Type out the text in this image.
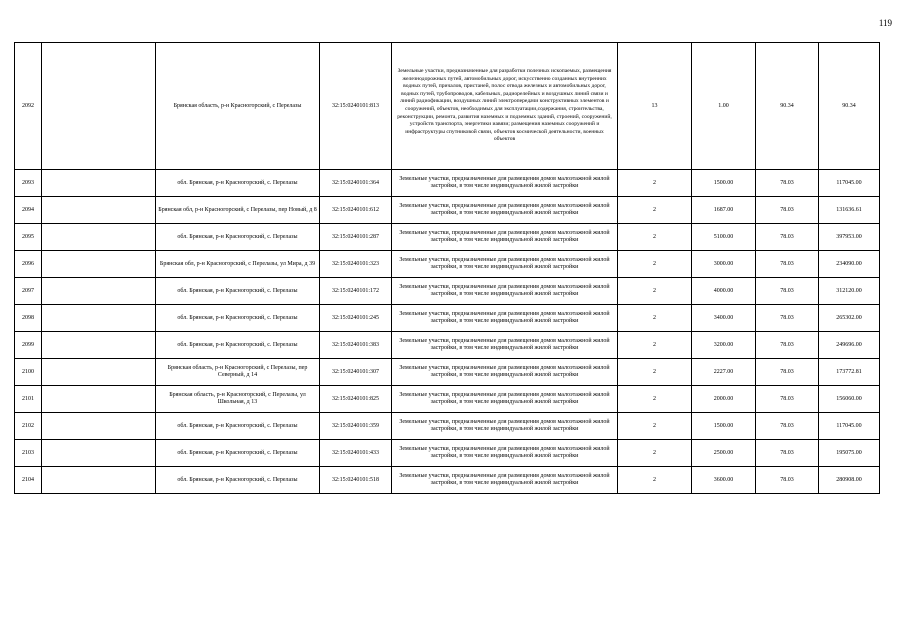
119
2092		Брянская область, р-н Красногорский, с Перелазы	32:15:0240101:813	Земельные участки, предназначенные для разработки полезных ископаемых, размещения железнодорожных путей, автомобильных дорог, искусственно созданных внутренних водных путей, причалов, пристаней, полос отвода железных и автомобильных дорог, водных путей, трубопроводов, кабельных, радиорелейных и воздушных линий связи и линий радиофикации, воздушных линий электропередачи конструктивных элементов и сооружений, объектов, необходимых для эксплуатации,содержания, строительства, реконструкции, ремонта, развития наземных и подземных зданий, строений, сооружений, устройств транспорта, энергетики иавязи; размещения наземных сооружений и инфраструктуры спутниковой связи, объектов космической деятельности, военных объектов	13	1.00	90.34	90.34
2093		обл. Брянская, р-н Красногорский, с. Перелазы	32:15:0240101:364	Земельные участки, предназначенные для размещения домов малоэтажной жилой застройки, в том числе индивидуальной жилой застройки	2	1500.00	78.03	117045.00
2094		Брянская обл, р-н Красногорский, с Перелазы, пер Новый, д 8	32:15:0240101:612	Земельные участки, предназначенные для размещения домов малоэтажной жилой застройки, в том числе индивидуальной жилой застройки	2	1687.00	78.03	131636.61
2095		обл. Брянская, р-н Красногорский, с. Перелазы	32:15:0240101:287	Земельные участки, предназначенные для размещения домов малоэтажной жилой застройки, в том числе индивидуальной жилой застройки	2	5100.00	78.03	397953.00
2096		Брянская обл, р-н Красногорский, с Перелазы, ул Мира, д 39	32:15:0240101:323	Земельные участки, предназначенные для размещения домов малоэтажной жилой застройки, в том числе индивидуальной жилой застройки	2	3000.00	78.03	234090.00
2097		обл. Брянская, р-н Красногорский, с. Перелазы	32:15:0240101:172	Земельные участки, предназначенные для размещения домов малоэтажной жилой застройки, в том числе индивидуальной жилой застройки	2	4000.00	78.03	312120.00
2098		обл. Брянская, р-н Красногорский, с. Перелазы	32:15:0240101:245	Земельные участки, предназначенные для размещения домов малоэтажной жилой застройки, в том числе индивидуальной жилой застройки	2	3400.00	78.03	265302.00
2099		обл. Брянская, р-н Красногорский, с. Перелазы	32:15:0240101:383	Земельные участки, предназначенные для размещения домов малоэтажной жилой застройки, в том числе индивидуальной жилой застройки	2	3200.00	78.03	249696.00
2100		Брянская область, р-н Красногорский, с Перелазы, пер Северный, д 14	32:15:0240101:307	Земельные участки, предназначенные для размещения домов малоэтажной жилой застройки, в том числе индивидуальной жилой застройки	2	2227.00	78.03	173772.81
2101		Брянская область, р-н Красногорский, с Перелазы, ул Школьная, д 13	32:15:0240101:825	Земельные участки, предназначенные для размещения домов малоэтажной жилой застройки, в том числе индивидуальной жилой застройки	2	2000.00	78.03	156060.00
2102		обл. Брянская, р-н Красногорский, с. Перелазы	32:15:0240101:359	Земельные участки, предназначенные для размещения домов малоэтажной жилой застройки, в том числе индивидуальной жилой застройки	2	1500.00	78.03	117045.00
2103		обл. Брянская, р-н Красногорский, с. Перелазы	32:15:0240101:433	Земельные участки, предназначенные для размещения домов малоэтажной жилой застройки, в том числе индивидуальной жилой застройки	2	2500.00	78.03	195075.00
2104		обл. Брянская, р-н Красногорский, с. Перелазы	32:15:0240101:518	Земельные участки, предназначенные для размещения домов малоэтажной жилой застройки, в том числе индивидуальной жилой застройки	2	3600.00	78.03	280908.00
